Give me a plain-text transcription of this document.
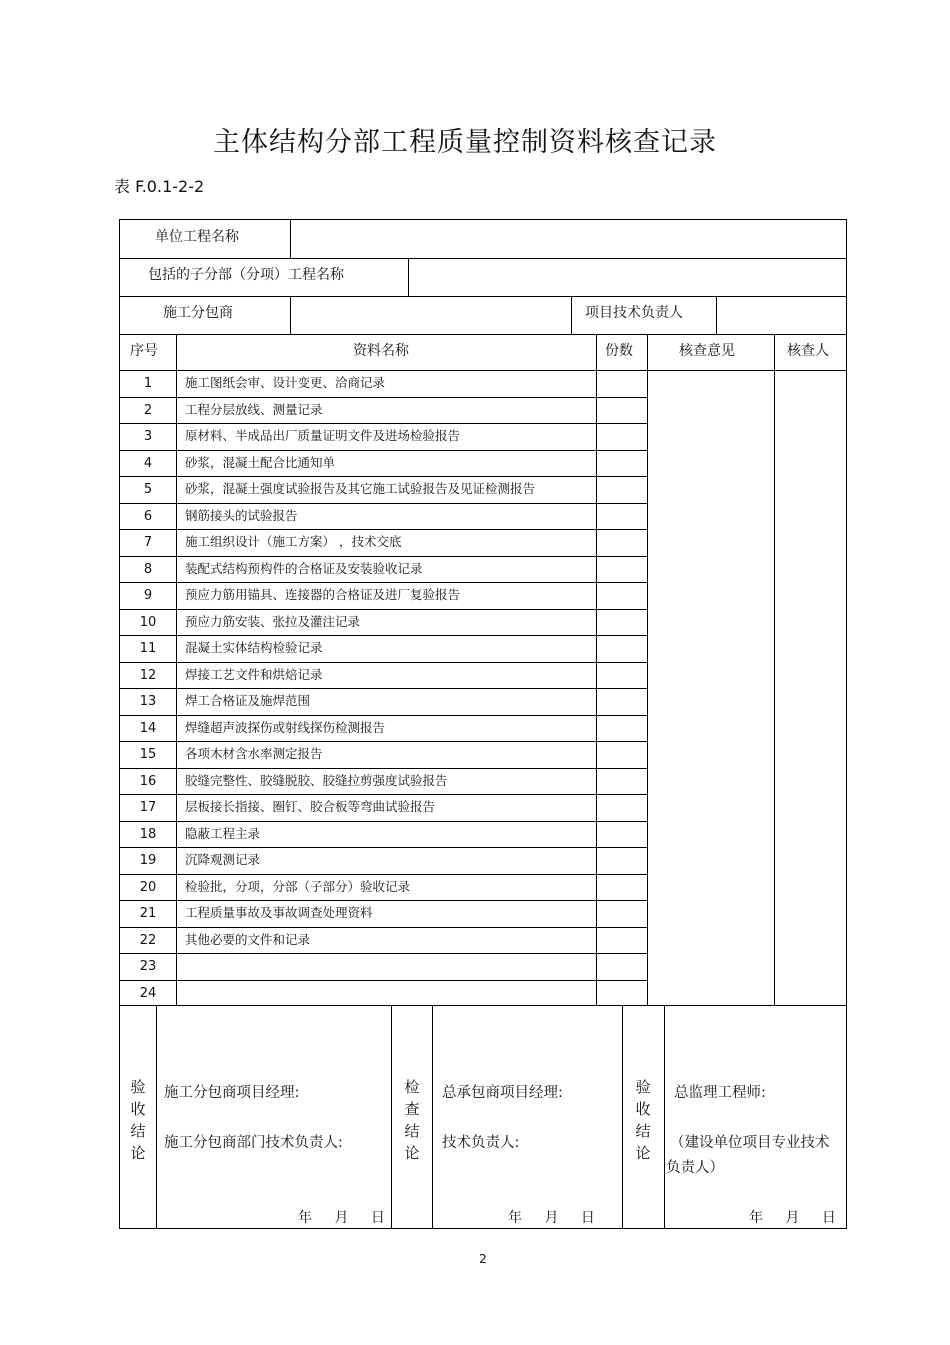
主体结构分部工程质量控制资料核查记录
表 F.0.1-2-2
单位工程名称
包括的子分部（分项）工程名称
施工分包商	项目技术负责人
序号	资料名称	份数	核查意见	核查人
1	施工图纸会审、设计变更、洽商记录
2	工程分层放线、测量记录
3	原材料、半成品出厂质量证明文件及进场检验报告
4	砂浆，混凝土配合比通知单
5	砂浆，混凝土强度试验报告及其它施工试验报告及见证检测报告
6	钢筋接头的试验报告
7	施工组织设计（施工方案） ，技术交底
8	装配式结构预构件的合格证及安装验收记录
9	预应力筋用锚具、连接器的合格证及进厂复验报告
10	预应力筋安装、张拉及灌注记录
11	混凝土实体结构检验记录
12	焊接工艺文件和烘焙记录
13	焊工合格证及施焊范围
14	焊缝超声波探伤或射线探伤检测报告
15	各项木材含水率测定报告
16	胶缝完整性、胶缝脱胶、胶缝拉剪强度试验报告
17	层板接长指接、圈钉、胶合板等弯曲试验报告
18	隐蔽工程主录
19	沉降观测记录
20	检验批，分项，分部（子部分）验收记录
21	工程质量事故及事故调查处理资料
22	其他必要的文件和记录
23
24
验收结论
施工分包商项目经理:
施工分包商部门技术负责人:
年 月 日
检查结论
总承包商项目经理:
技术负责人:
年 月 日
验收结论
总监理工程师:
（建设单位项目专业技术
负责人）
年 月 日
2
